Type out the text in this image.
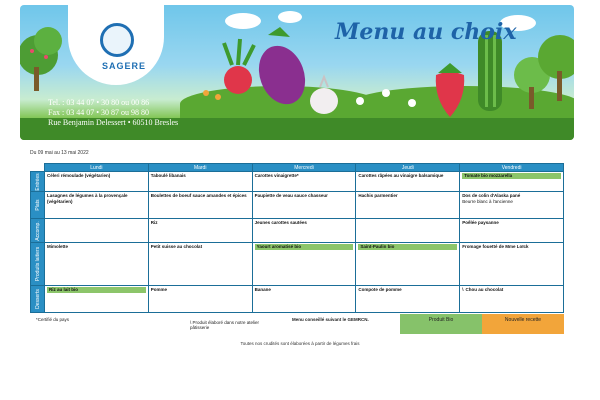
SAGERE
Menu au choix
Tel. : 03 44 07 • 30 80 ou 00 86
Fax : 03 44 07 • 30 87 ou 98 80
Rue Benjamin Delessert • 60510 Bresles
Du 09 mai au 13 mai 2022
	Lundi	Mardi	Mercredi	Jeudi	Vendredi

Entrées	Céleri rémoulade (végétarien)	Taboulé libanais	Carottes vinaigrette*	Carottes râpées au vinaigre balsamique	Tomate bio mozzarella

Plats	Lasagnes de légumes à la provençale (végétarien)	Boulettes de boeuf sauce amandes et épices	Paupiette de veau sauce chasseur	Hachis parmentier	Dos de colin d'Alaska pané
Beurre blanc à l'ancienne

Accomp.		Riz	Jeunes carottes sautées		Poêlée paysanne

Produits laitiers	Mimolette	Petit suisse au chocolat	Yaourt aromatisé bio	Saint-Paulin bio	Fromage fouetté de Mme Loïck

Desserts	Riz au lait bio	Pomme	Banane	Compote de pomme	\ Chou au chocolat
*Certifié du pays
\ Produit élaboré dans notre atelier pâtisserie
Menu conseillé suivant le GEMRCN.	Produit Bio	Nouvelle recette
Toutes nos crudités sont élaborées à partir de légumes frais
